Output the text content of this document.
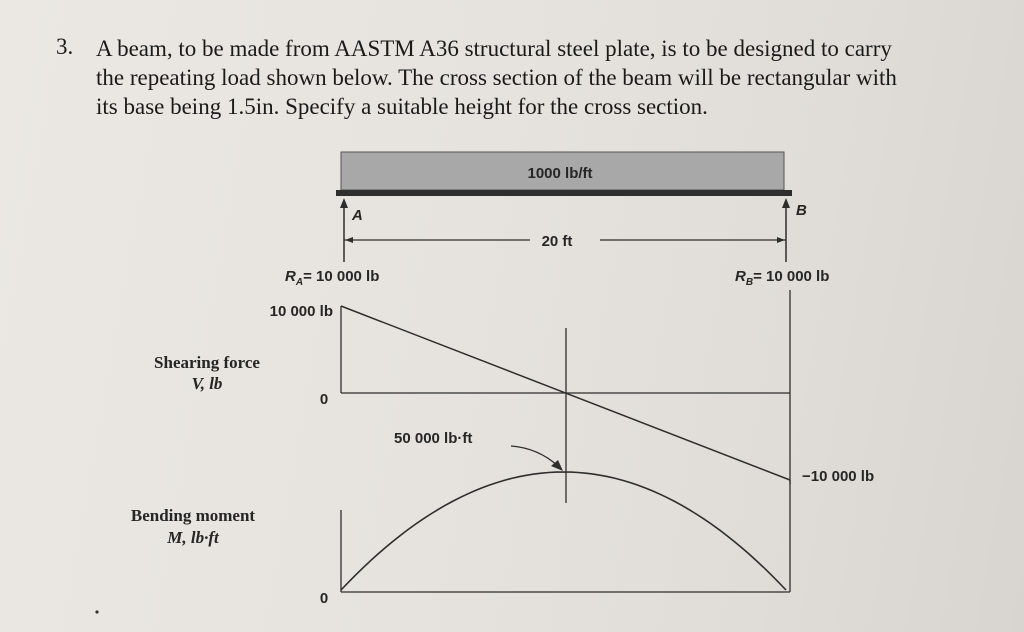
3. A beam, to be made from AASTM A36 structural steel plate, is to be designed to carry
the repeating load shown below. The cross section of the beam will be rectangular with
its base being 1.5in. Specify a suitable height for the cross section.
1000 lb/ft
A	B
20 ft
$R_A= 10$ 000 lb	$R_B= 10$ 000 lb
10 000 lb
Shearing force
V, lb
0
−10 000 lb
50 000 lb·ft
Bending moment
M, lb·ft
0
